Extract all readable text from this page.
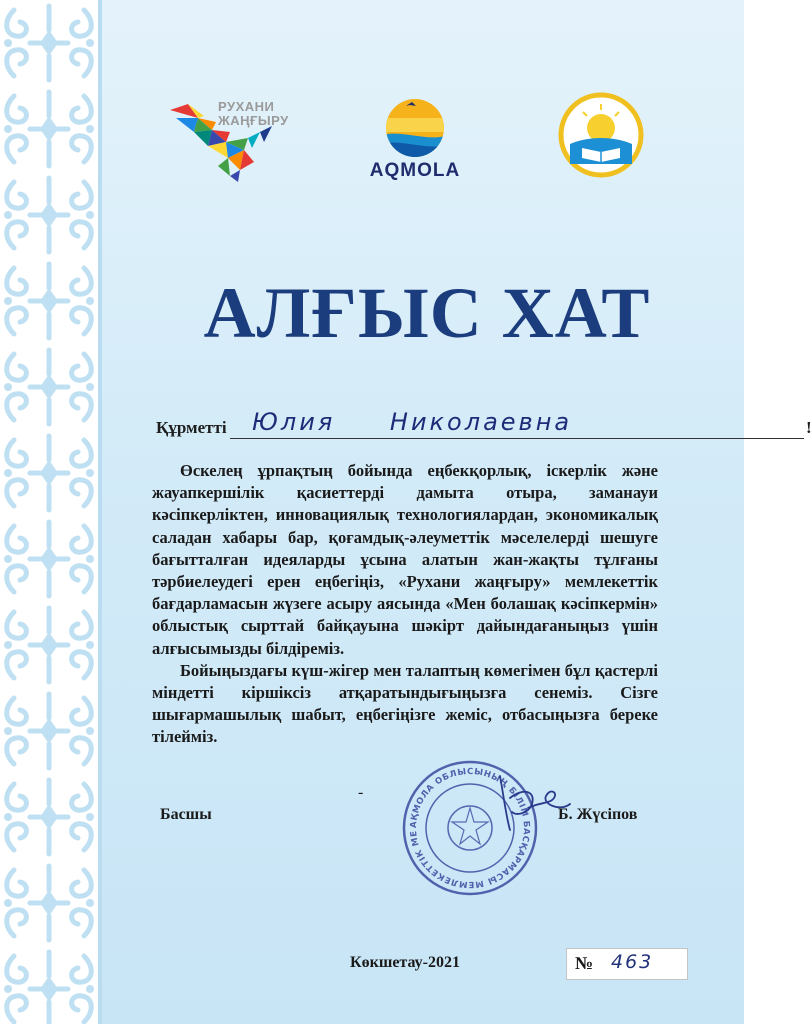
РУХАНИ
ЖАҢҒЫРУ
AQMOLA
АЛҒЫС ХАТ
Құрметті Юлия Николаевна	!

Өскелең ұрпақтың бойында еңбекқорлық, іскерлік және жауапкершілік қасиеттерді дамыта отыра, заманауи кәсіпкерліктен, инновациялық технологиялардан, экономикалық саладан хабары бар, қоғамдық-әлеуметтік мәселелерді шешуге бағытталған идеяларды ұсына алатын жан-жақты тұлғаны тәрбиелеудегі ерен еңбегіңіз, «Рухани жаңғыру» мемлекеттік бағдарламасын жүзеге асыру аясында «Мен болашақ кәсіпкермін» облыстық сырттай байқауына шәкірт дайындағаныңыз үшін алғысымызды білдіреміз.

Бойыңыздағы күш-жігер мен талаптың көмегімен бұл қастерлі міндетті кіршіксіз атқаратындығыңызға сенеміз. Сізге шығармашылық шабыт, еңбегіңізге жеміс, отбасыңызға береке тілейміз.

-
Басшы
АҚМОЛА ОБЛЫСЫНЫҢ БІЛІМ БАСҚАРМАСЫ МЕМЛЕКЕТТІК МЕ
Б. Жүсіпов
Көкшетау-2021	№ 463
